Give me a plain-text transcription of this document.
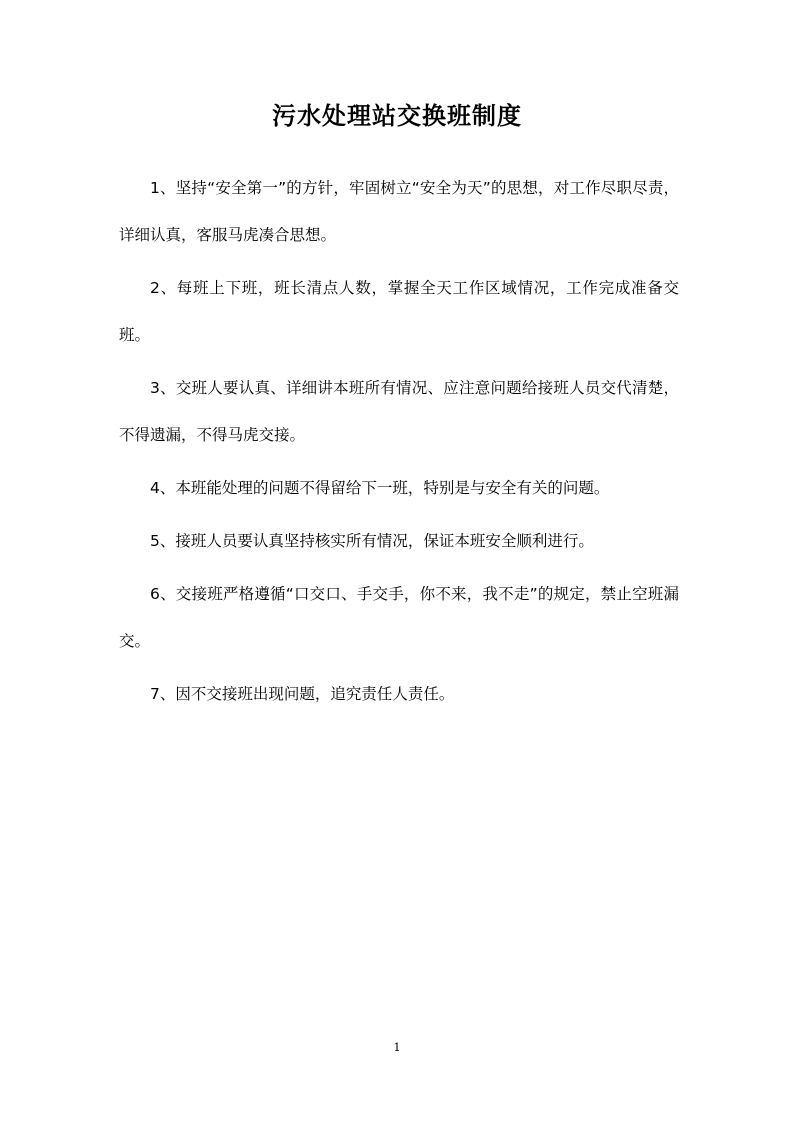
污水处理站交换班制度

1、坚持“安全第一”的方针，牢固树立“安全为天”的思想，对工作尽职尽责，详细认真，客服马虎凑合思想。

2、每班上下班，班长清点人数，掌握全天工作区域情况，工作完成准备交班。

3、交班人要认真、详细讲本班所有情况、应注意问题给接班人员交代清楚，不得遗漏，不得马虎交接。

4、本班能处理的问题不得留给下一班，特别是与安全有关的问题。

5、接班人员要认真坚持核实所有情况，保证本班安全顺利进行。

6、交接班严格遵循“口交口、手交手，你不来，我不走”的规定，禁止空班漏交。

7、因不交接班出现问题，追究责任人责任。

1
